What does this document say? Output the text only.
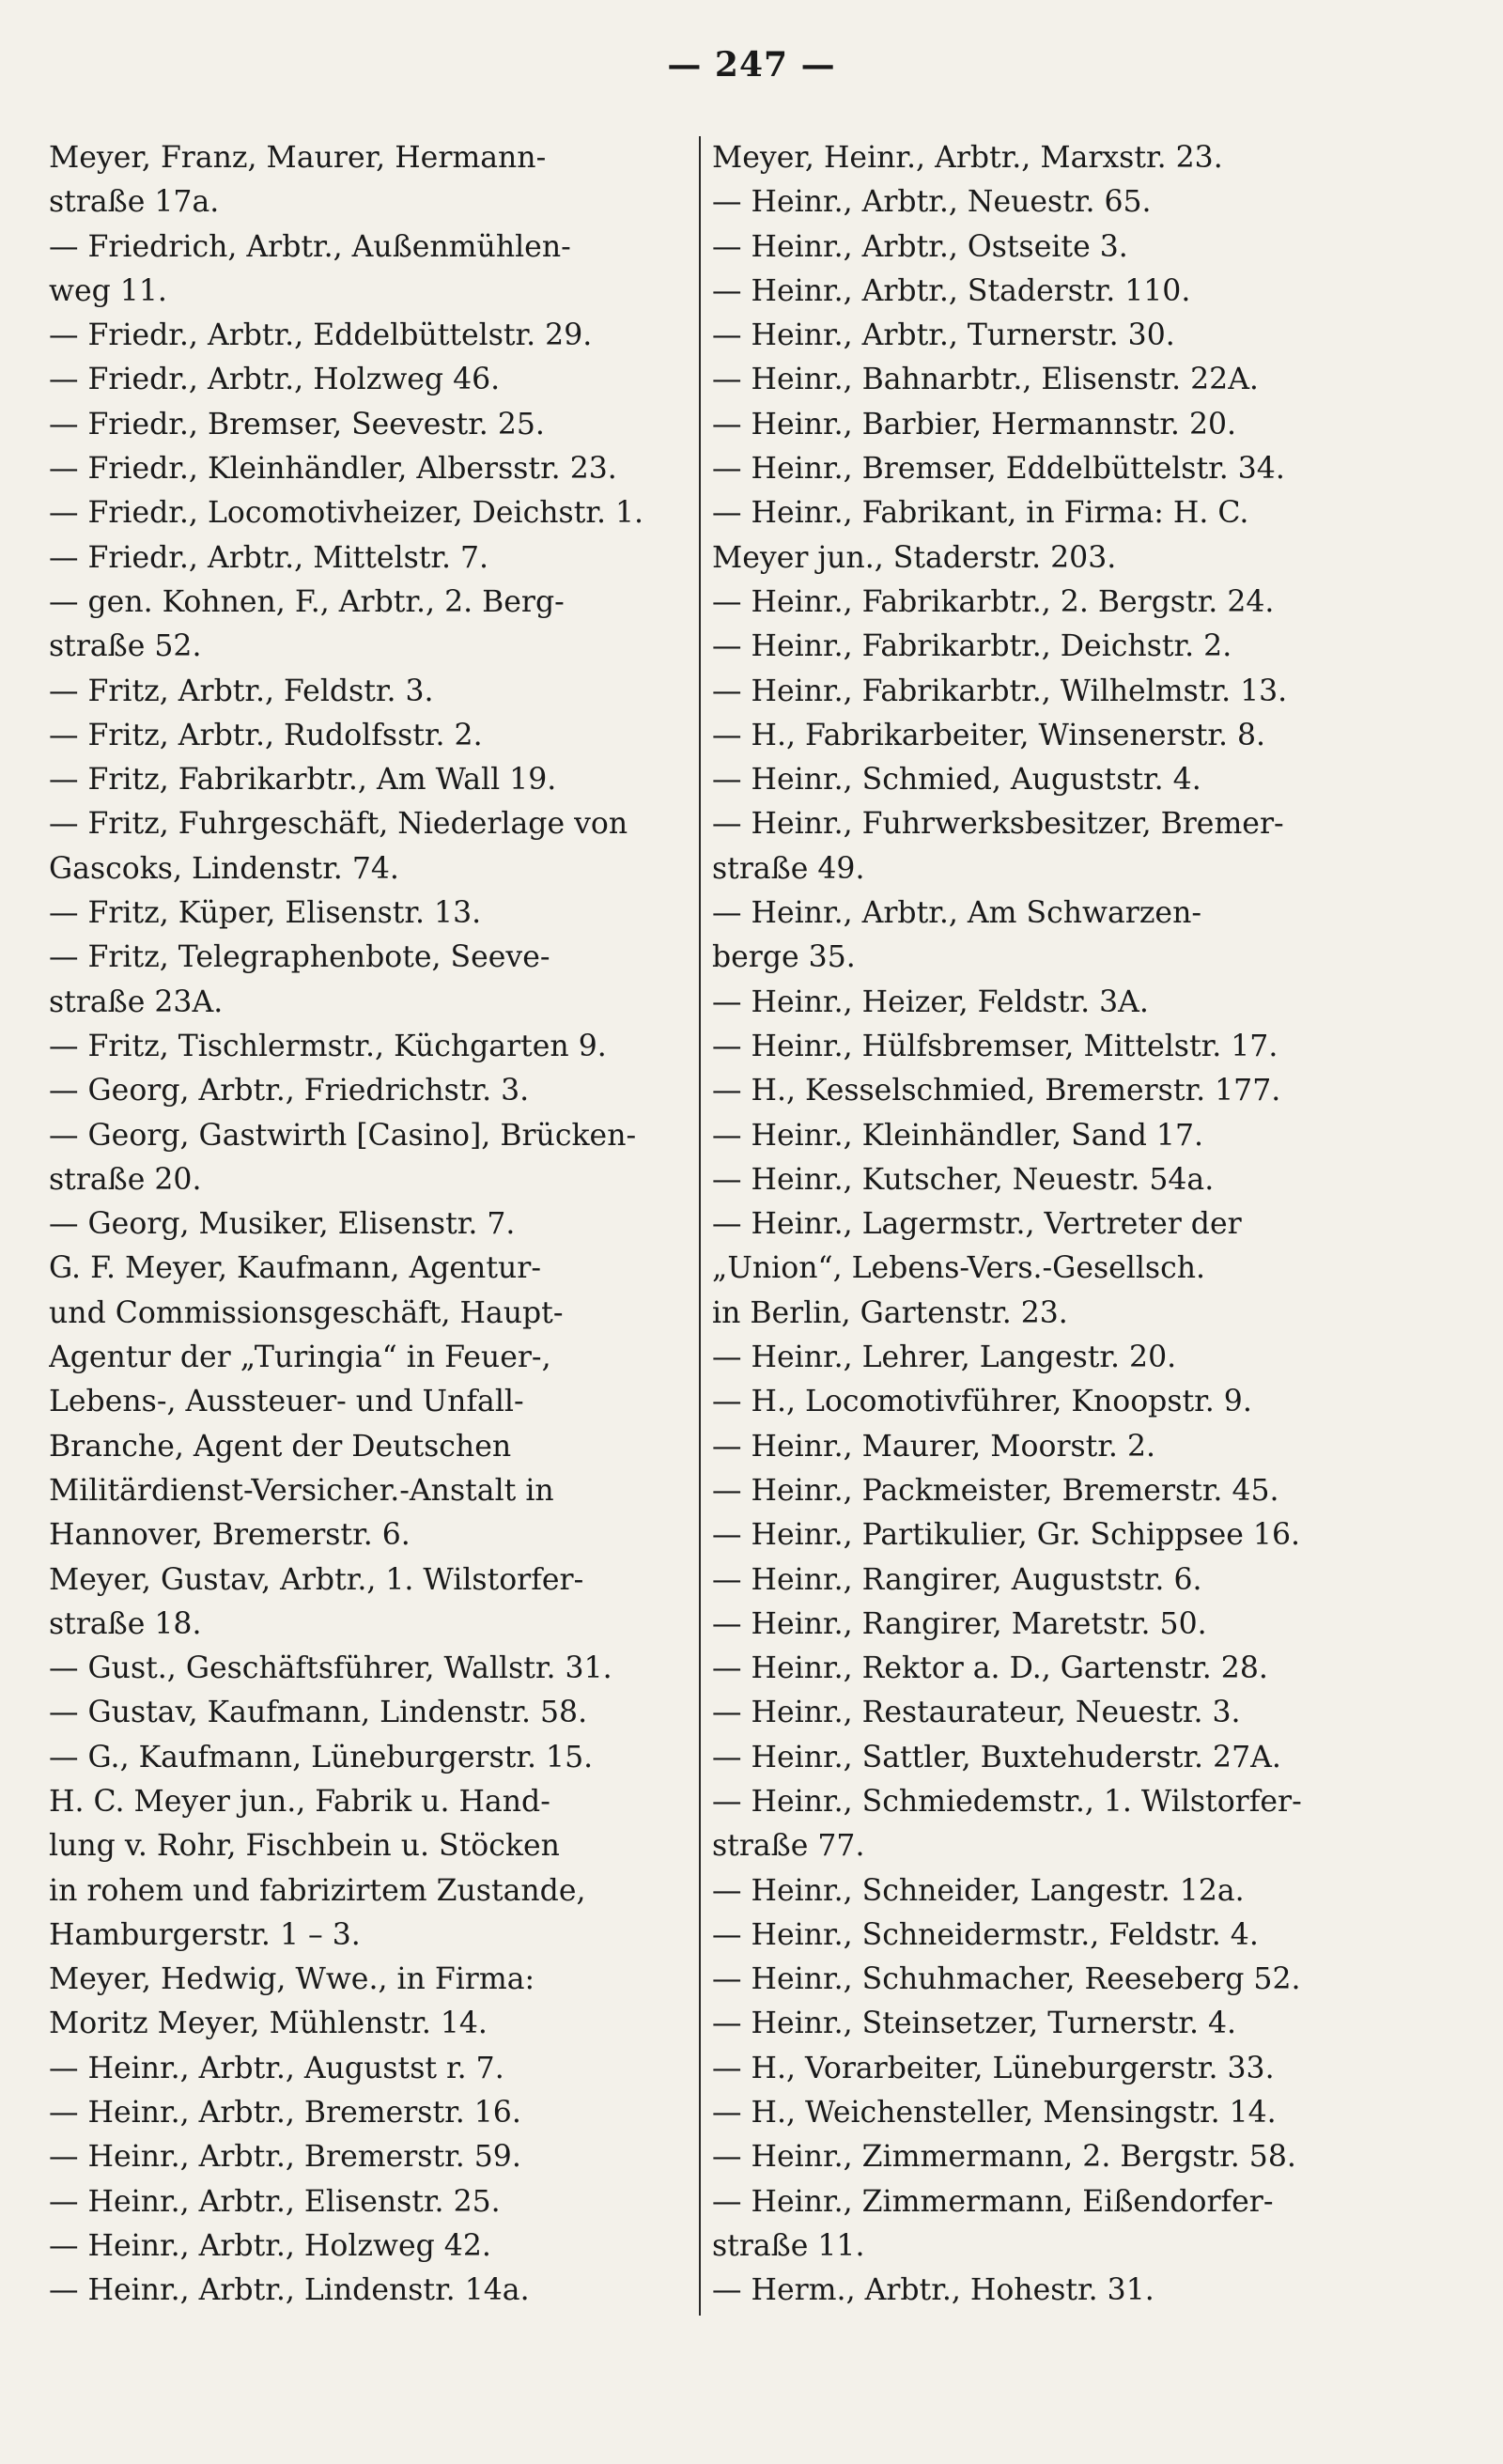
— 247 —
Meyer, Franz, Maurer, Hermann-
straße 17a.
— Friedrich, Arbtr., Außenmühlen-
weg 11.
— Friedr., Arbtr., Eddelbüttelstr. 29.
— Friedr., Arbtr., Holzweg 46.
— Friedr., Bremser, Seevestr. 25.
— Friedr., Kleinhändler, Albersstr. 23.
— Friedr., Locomotivheizer, Deichstr. 1.
— Friedr., Arbtr., Mittelstr. 7.
— gen. Kohnen, F., Arbtr., 2. Berg-
straße 52.
— Fritz, Arbtr., Feldstr. 3.
— Fritz, Arbtr., Rudolfsstr. 2.
— Fritz, Fabrikarbtr., Am Wall 19.
— Fritz, Fuhrgeschäft, Niederlage von
Gascoks, Lindenstr. 74.
— Fritz, Küper, Elisenstr. 13.
— Fritz, Telegraphenbote, Seeve-
straße 23A.
— Fritz, Tischlermstr., Küchgarten 9.
— Georg, Arbtr., Friedrichstr. 3.
— Georg, Gastwirth [Casino], Brücken-
straße 20.
— Georg, Musiker, Elisenstr. 7.
G. F. Meyer, Kaufmann, Agentur-
und Commissionsgeschäft, Haupt-
Agentur der „Turingia“ in Feuer-,
Lebens-, Aussteuer- und Unfall-
Branche, Agent der Deutschen
Militärdienst-Versicher.-Anstalt in
Hannover, Bremerstr. 6.
Meyer, Gustav, Arbtr., 1. Wilstorfer-
straße 18.
— Gust., Geschäftsführer, Wallstr. 31.
— Gustav, Kaufmann, Lindenstr. 58.
— G., Kaufmann, Lüneburgerstr. 15.
H. C. Meyer jun., Fabrik u. Hand-
lung v. Rohr, Fischbein u. Stöcken
in rohem und fabrizirtem Zustande,
Hamburgerstr. 1 – 3.
Meyer, Hedwig, Wwe., in Firma:
Moritz Meyer, Mühlenstr. 14.
— Heinr., Arbtr., Augustst r. 7.
— Heinr., Arbtr., Bremerstr. 16.
— Heinr., Arbtr., Bremerstr. 59.
— Heinr., Arbtr., Elisenstr. 25.
— Heinr., Arbtr., Holzweg 42.
— Heinr., Arbtr., Lindenstr. 14a.
Meyer, Heinr., Arbtr., Marxstr. 23.
— Heinr., Arbtr., Neuestr. 65.
— Heinr., Arbtr., Ostseite 3.
— Heinr., Arbtr., Staderstr. 110.
— Heinr., Arbtr., Turnerstr. 30.
— Heinr., Bahnarbtr., Elisenstr. 22A.
— Heinr., Barbier, Hermannstr. 20.
— Heinr., Bremser, Eddelbüttelstr. 34.
— Heinr., Fabrikant, in Firma: H. C.
Meyer jun., Staderstr. 203.
— Heinr., Fabrikarbtr., 2. Bergstr. 24.
— Heinr., Fabrikarbtr., Deichstr. 2.
— Heinr., Fabrikarbtr., Wilhelmstr. 13.
— H., Fabrikarbeiter, Winsenerstr. 8.
— Heinr., Schmied, Auguststr. 4.
— Heinr., Fuhrwerksbesitzer, Bremer-
straße 49.
— Heinr., Arbtr., Am Schwarzen-
berge 35.
— Heinr., Heizer, Feldstr. 3A.
— Heinr., Hülfsbremser, Mittelstr. 17.
— H., Kesselschmied, Bremerstr. 177.
— Heinr., Kleinhändler, Sand 17.
— Heinr., Kutscher, Neuestr. 54a.
— Heinr., Lagermstr., Vertreter der
„Union“, Lebens-Vers.-Gesellsch.
in Berlin, Gartenstr. 23.
— Heinr., Lehrer, Langestr. 20.
— H., Locomotivführer, Knoopstr. 9.
— Heinr., Maurer, Moorstr. 2.
— Heinr., Packmeister, Bremerstr. 45.
— Heinr., Partikulier, Gr. Schippsee 16.
— Heinr., Rangirer, Auguststr. 6.
— Heinr., Rangirer, Maretstr. 50.
— Heinr., Rektor a. D., Gartenstr. 28.
— Heinr., Restaurateur, Neuestr. 3.
— Heinr., Sattler, Buxtehuderstr. 27A.
— Heinr., Schmiedemstr., 1. Wilstorfer-
straße 77.
— Heinr., Schneider, Langestr. 12a.
— Heinr., Schneidermstr., Feldstr. 4.
— Heinr., Schuhmacher, Reeseberg 52.
— Heinr., Steinsetzer, Turnerstr. 4.
— H., Vorarbeiter, Lüneburgerstr. 33.
— H., Weichensteller, Mensingstr. 14.
— Heinr., Zimmermann, 2. Bergstr. 58.
— Heinr., Zimmermann, Eißendorfer-
straße 11.
— Herm., Arbtr., Hohestr. 31.
